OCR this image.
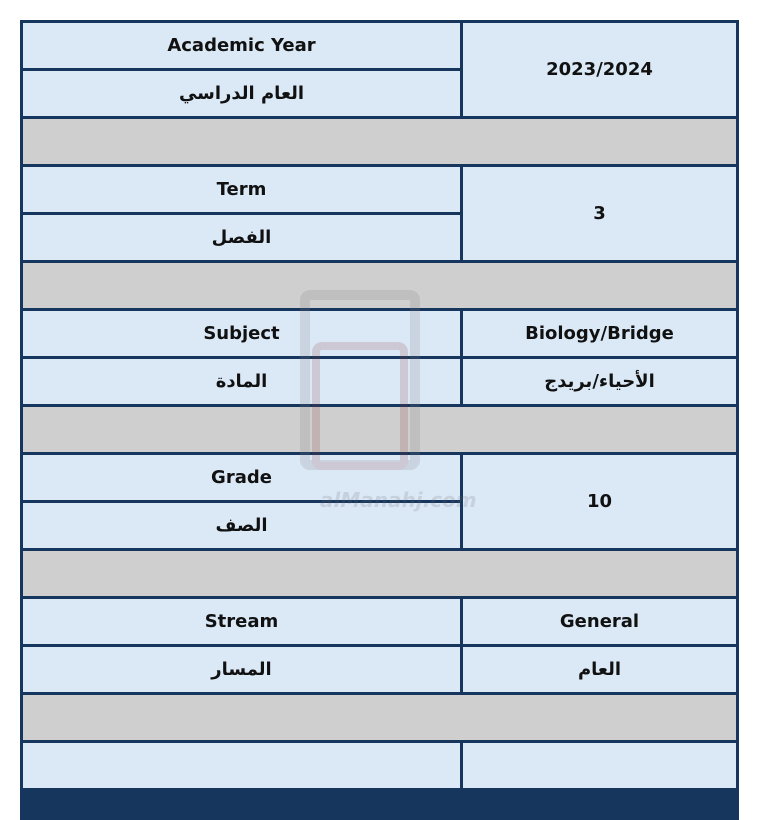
Academic Year	2023/2024
العام الدراسي	

Term	3
الفصل	

Subject	Biology/Bridge
المادة	الأحياء/بريدج

Grade	10
الصف	

Stream	General
المسار	العام
